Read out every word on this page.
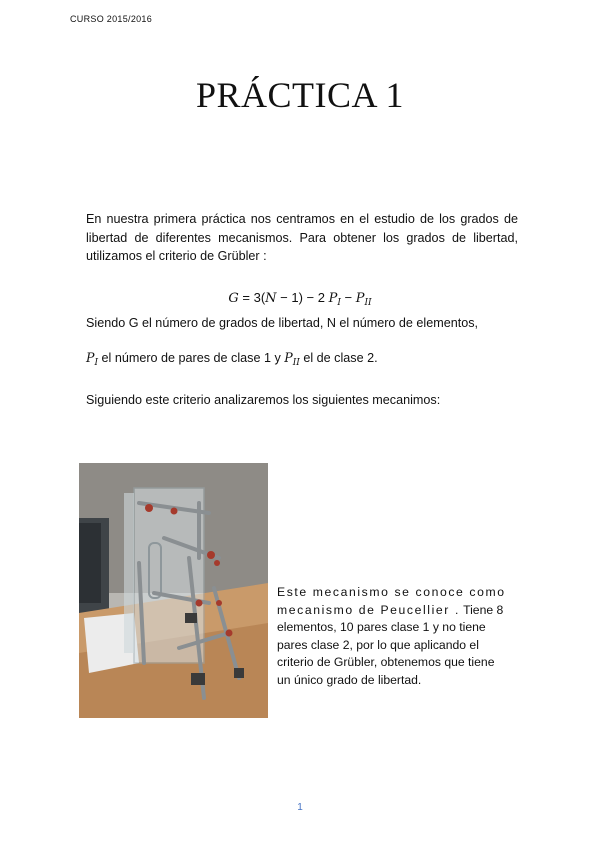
CURSO 2015/2016
PRÁCTICA 1
En nuestra primera práctica nos centramos en el estudio de los grados de libertad de diferentes mecanismos. Para obtener los grados de libertad, utilizamos el criterio de Grübler :
G = 3(N − 1) − 2 $P_I - P_{II}$
Siendo G el número de grados de libertad, N el número de elementos,
$P_I$ el número de pares de clase 1 y $P_{II}$ el de clase 2.
Siguiendo este criterio analizaremos los siguientes mecanimos:
Este mecanismo se conoce como mecanismo de Peucellier . Tiene 8 elementos, 10 pares clase 1 y no tiene pares clase 2, por lo que aplicando el criterio de Grübler, obtenemos que tiene un único grado de libertad.
1
